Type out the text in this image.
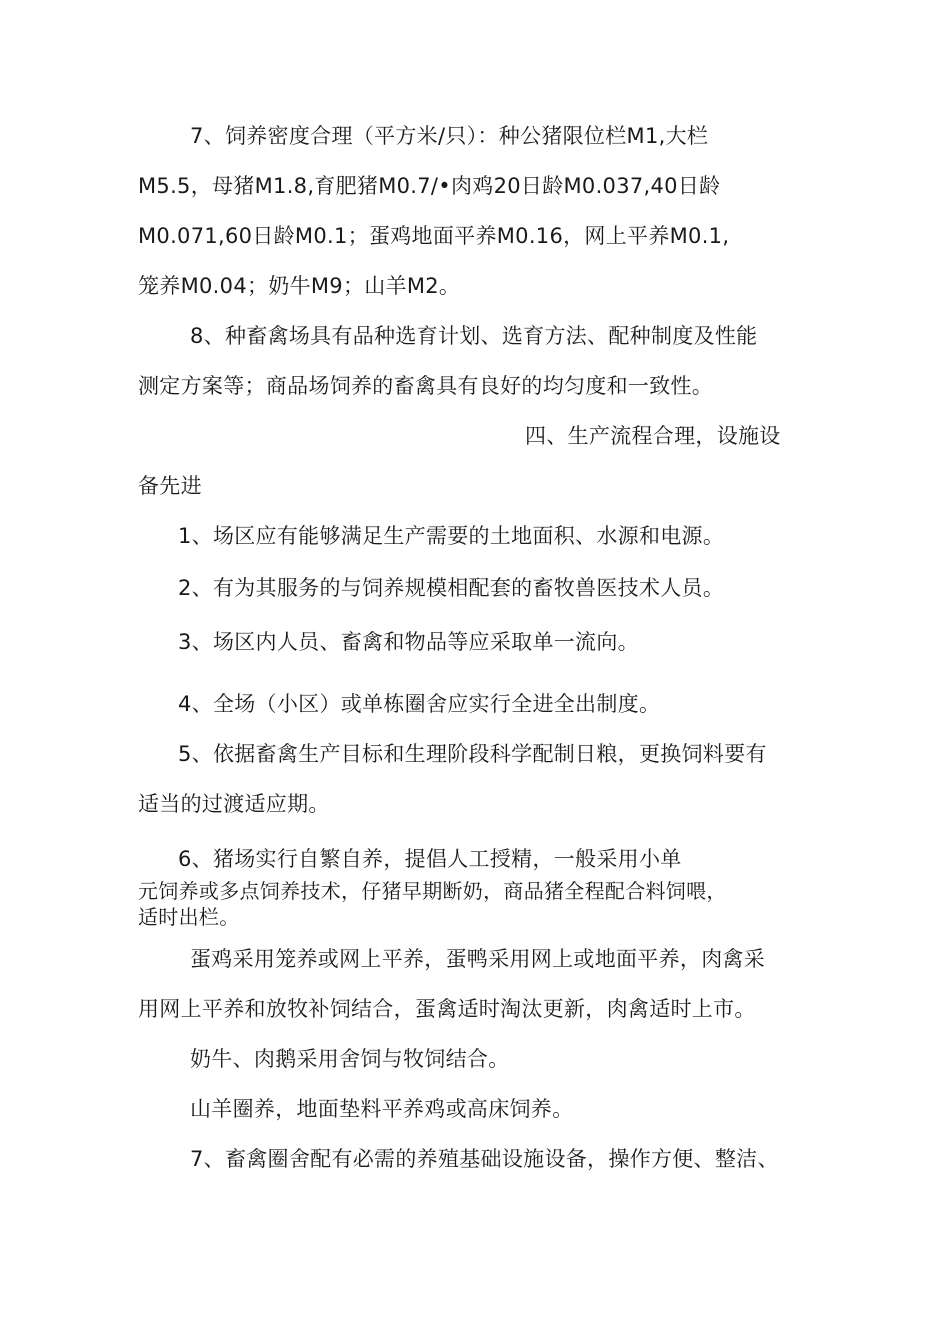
7、饲养密度合理（平方米/只）：种公猪限位栏M1,大栏
M5.5，母猪M1.8,育肥猪M0.7/•肉鸡20日龄M0.037,40日龄
M0.071,60日龄M0.1；蛋鸡地面平养M0.16，网上平养M0.1,
笼养M0.04；奶牛M9；山羊M2。
8、种畜禽场具有品种选育计划、选育方法、配种制度及性能
测定方案等；商品场饲养的畜禽具有良好的均匀度和一致性。
四、生产流程合理，设施设
备先进
1、场区应有能够满足生产需要的土地面积、水源和电源。
2、有为其服务的与饲养规模相配套的畜牧兽医技术人员。
3、场区内人员、畜禽和物品等应采取单一流向。
4、全场（小区）或单栋圈舍应实行全进全出制度。
5、依据畜禽生产目标和生理阶段科学配制日粮，更换饲料要有
适当的过渡适应期。
6、猪场实行自繁自养，提倡人工授精，一般采用小单
元饲养或多点饲养技术，仔猪早期断奶，商品猪全程配合料饲喂，
适时出栏。
蛋鸡采用笼养或网上平养，蛋鸭采用网上或地面平养，肉禽采
用网上平养和放牧补饲结合，蛋禽适时淘汰更新，肉禽适时上市。
奶牛、肉鹅采用舍饲与牧饲结合。
山羊圈养，地面垫料平养鸡或高床饲养。
7、畜禽圈舍配有必需的养殖基础设施设备，操作方便、整洁、
